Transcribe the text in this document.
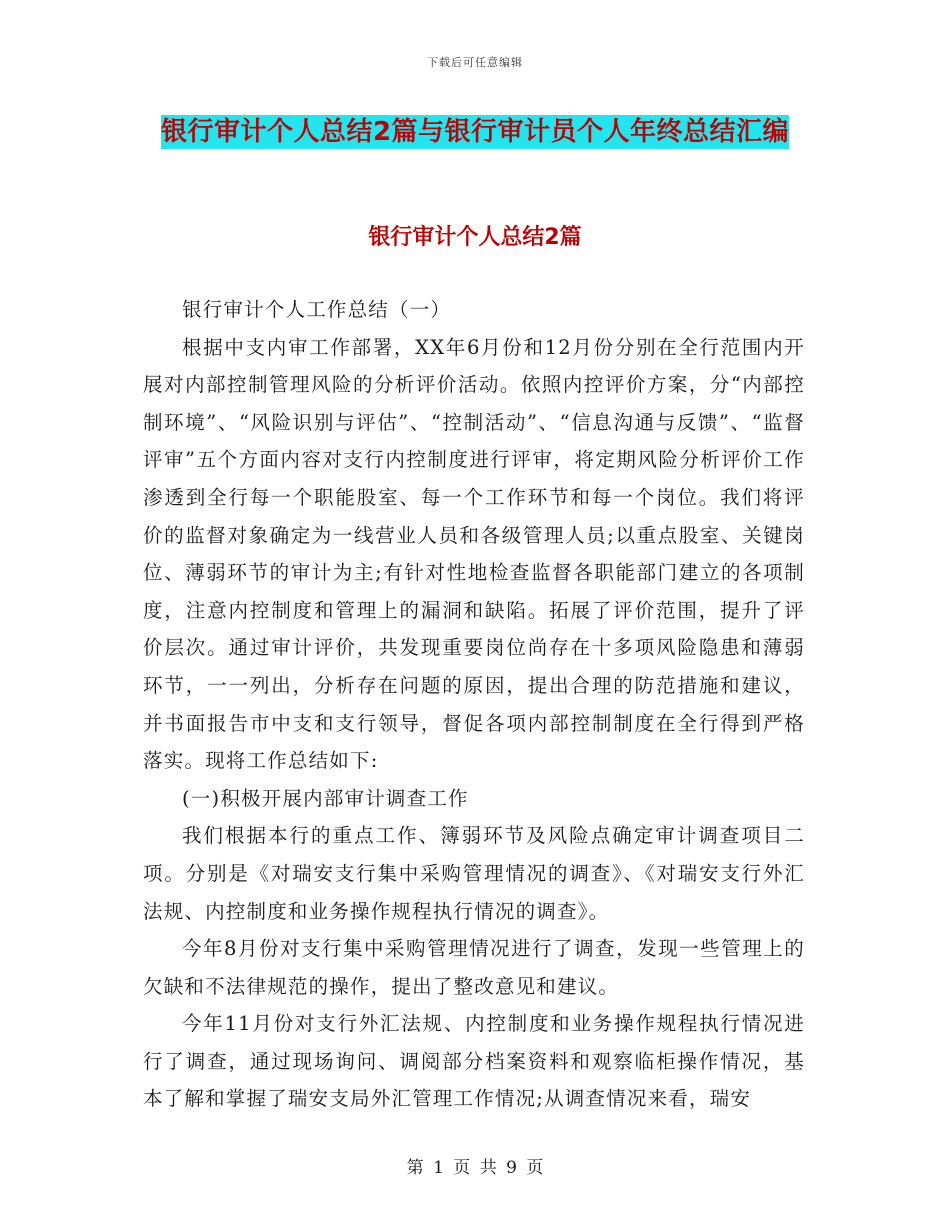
下载后可任意编辑
银行审计个人总结2篇与银行审计员个人年终总结汇编
银行审计个人总结2篇

银行审计个人工作总结（一）

根据中支内审工作部署，XX年6月份和12月份分别在全行范围内开展对内部控制管理风险的分析评价活动。依照内控评价方案，分“内部控制环境”、“风险识别与评估”、“控制活动”、“信息沟通与反馈”、“监督评审”五个方面内容对支行内控制度进行评审，将定期风险分析评价工作渗透到全行每一个职能股室、每一个工作环节和每一个岗位。我们将评价的监督对象确定为一线营业人员和各级管理人员;以重点股室、关键岗位、薄弱环节的审计为主;有针对性地检查监督各职能部门建立的各项制度，注意内控制度和管理上的漏洞和缺陷。拓展了评价范围，提升了评价层次。通过审计评价，共发现重要岗位尚存在十多项风险隐患和薄弱环节，一一列出，分析存在问题的原因，提出合理的防范措施和建议，并书面报告市中支和支行领导，督促各项内部控制制度在全行得到严格落实。现将工作总结如下:

(一)积极开展内部审计调查工作

我们根据本行的重点工作、簿弱环节及风险点确定审计调查项目二项。分别是《对瑞安支行集中采购管理情况的调查》、《对瑞安支行外汇法规、内控制度和业务操作规程执行情况的调查》。

今年8月份对支行集中采购管理情况进行了调查，发现一些管理上的欠缺和不法律规范的操作，提出了整改意见和建议。

今年11月份对支行外汇法规、内控制度和业务操作规程执行情况进行了调查，通过现场询问、调阅部分档案资料和观察临柜操作情况，基本了解和掌握了瑞安支局外汇管理工作情况;从调查情况来看，瑞安

第 1 页 共 9 页
